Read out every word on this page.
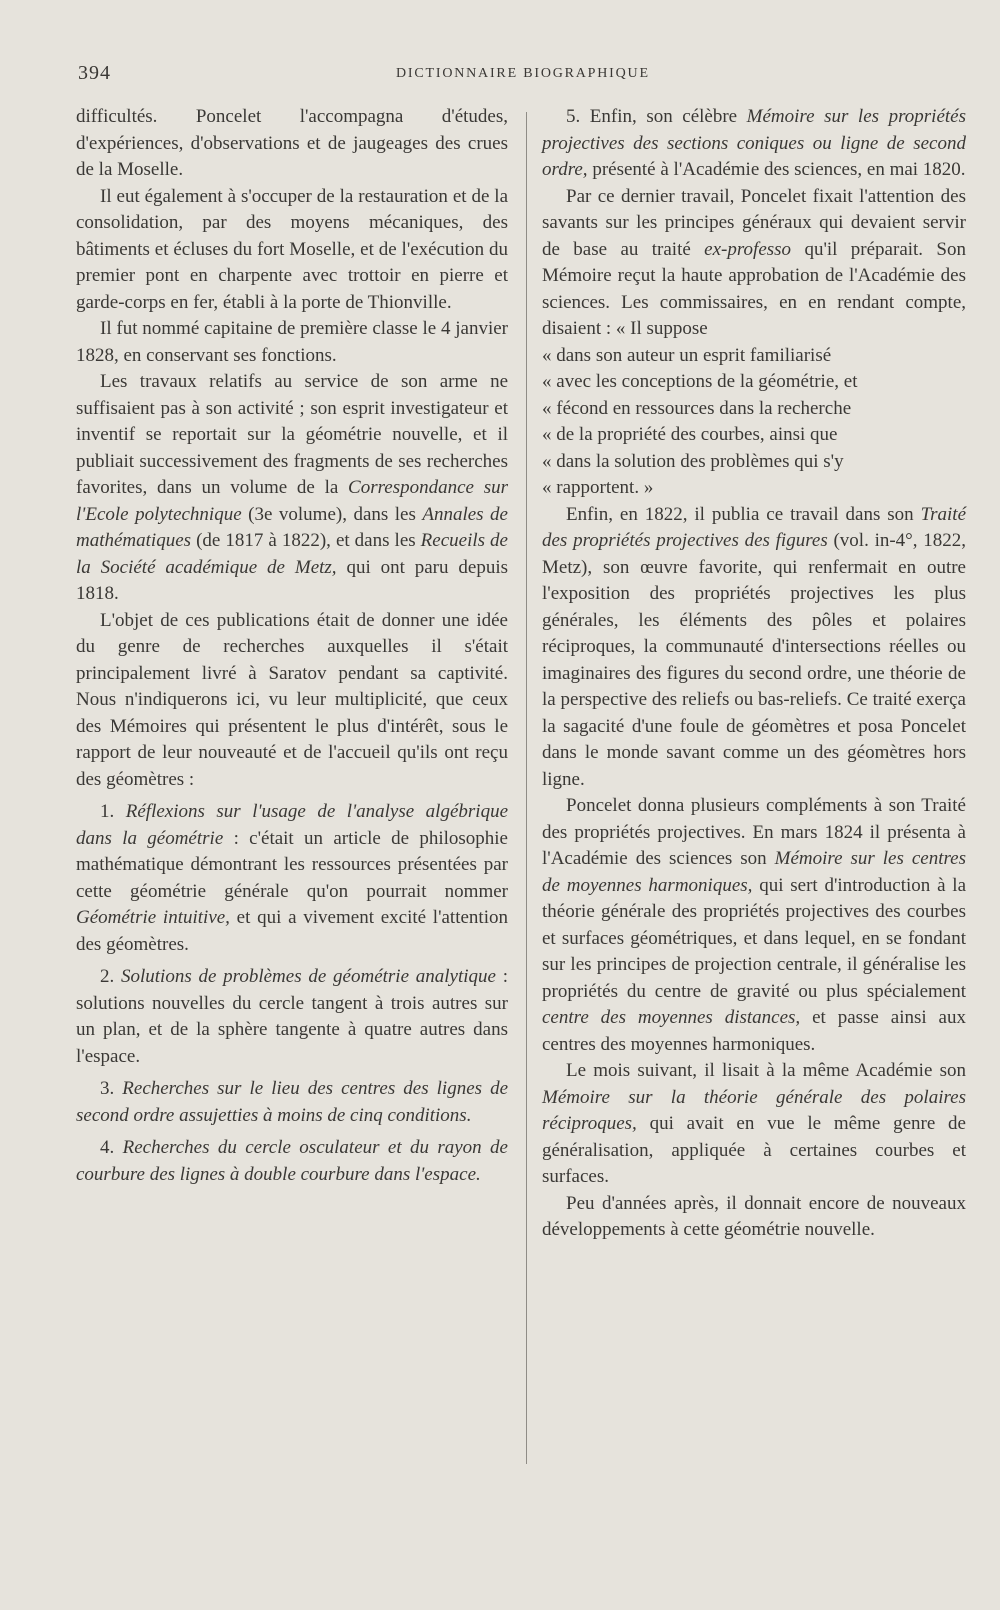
394	DICTIONNAIRE BIOGRAPHIQUE

difficultés. Poncelet l'accompagna d'études, d'expériences, d'observations et de jaugeages des crues de la Moselle.

Il eut également à s'occuper de la restauration et de la consolidation, par des moyens mécaniques, des bâtiments et écluses du fort Moselle, et de l'exécution du premier pont en charpente avec trottoir en pierre et garde-corps en fer, établi à la porte de Thionville.

Il fut nommé capitaine de première classe le 4 janvier 1828, en conservant ses fonctions.

Les travaux relatifs au service de son arme ne suffisaient pas à son activité ; son esprit investigateur et inventif se reportait sur la géométrie nouvelle, et il publiait successivement des fragments de ses recherches favorites, dans un volume de la Correspondance sur l'Ecole polytechnique (3e volume), dans les Annales de mathématiques (de 1817 à 1822), et dans les Recueils de la Société académique de Metz, qui ont paru depuis 1818.

L'objet de ces publications était de donner une idée du genre de recherches auxquelles il s'était principalement livré à Saratov pendant sa captivité. Nous n'indiquerons ici, vu leur multiplicité, que ceux des Mémoires qui présentent le plus d'intérêt, sous le rapport de leur nouveauté et de l'accueil qu'ils ont reçu des géomètres :

1. Réflexions sur l'usage de l'analyse algébrique dans la géométrie : c'était un article de philosophie mathématique démontrant les ressources présentées par cette géométrie générale qu'on pourrait nommer Géométrie intuitive, et qui a vivement excité l'attention des géomètres.

2. Solutions de problèmes de géométrie analytique : solutions nouvelles du cercle tangent à trois autres sur un plan, et de la sphère tangente à quatre autres dans l'espace.

3. Recherches sur le lieu des centres des lignes de second ordre assujetties à moins de cinq conditions.

4. Recherches du cercle osculateur et du rayon de courbure des lignes à double courbure dans l'espace.

5. Enfin, son célèbre Mémoire sur les propriétés projectives des sections coniques ou ligne de second ordre, présenté à l'Académie des sciences, en mai 1820.

Par ce dernier travail, Poncelet fixait l'attention des savants sur les principes généraux qui devaient servir de base au traité ex-professo qu'il préparait. Son Mémoire reçut la haute approbation de l'Académie des sciences. Les commissaires, en en rendant compte, disaient : « Il suppose

« dans son auteur un esprit familiarisé

« avec les conceptions de la géométrie, et

« fécond en ressources dans la recherche

« de la propriété des courbes, ainsi que

« dans la solution des problèmes qui s'y

« rapportent. »

Enfin, en 1822, il publia ce travail dans son Traité des propriétés projectives des figures (vol. in-4°, 1822, Metz), son œuvre favorite, qui renfermait en outre l'exposition des propriétés projectives les plus générales, les éléments des pôles et polaires réciproques, la communauté d'intersections réelles ou imaginaires des figures du second ordre, une théorie de la perspective des reliefs ou bas-reliefs. Ce traité exerça la sagacité d'une foule de géomètres et posa Poncelet dans le monde savant comme un des géomètres hors ligne.

Poncelet donna plusieurs compléments à son Traité des propriétés projectives. En mars 1824 il présenta à l'Académie des sciences son Mémoire sur les centres de moyennes harmoniques, qui sert d'introduction à la théorie générale des propriétés projectives des courbes et surfaces géométriques, et dans lequel, en se fondant sur les principes de projection centrale, il généralise les propriétés du centre de gravité ou plus spécialement centre des moyennes distances, et passe ainsi aux centres des moyennes harmoniques.

Le mois suivant, il lisait à la même Académie son Mémoire sur la théorie générale des polaires réciproques, qui avait en vue le même genre de généralisation, appliquée à certaines courbes et surfaces.

Peu d'années après, il donnait encore de nouveaux développements à cette géométrie nouvelle.
